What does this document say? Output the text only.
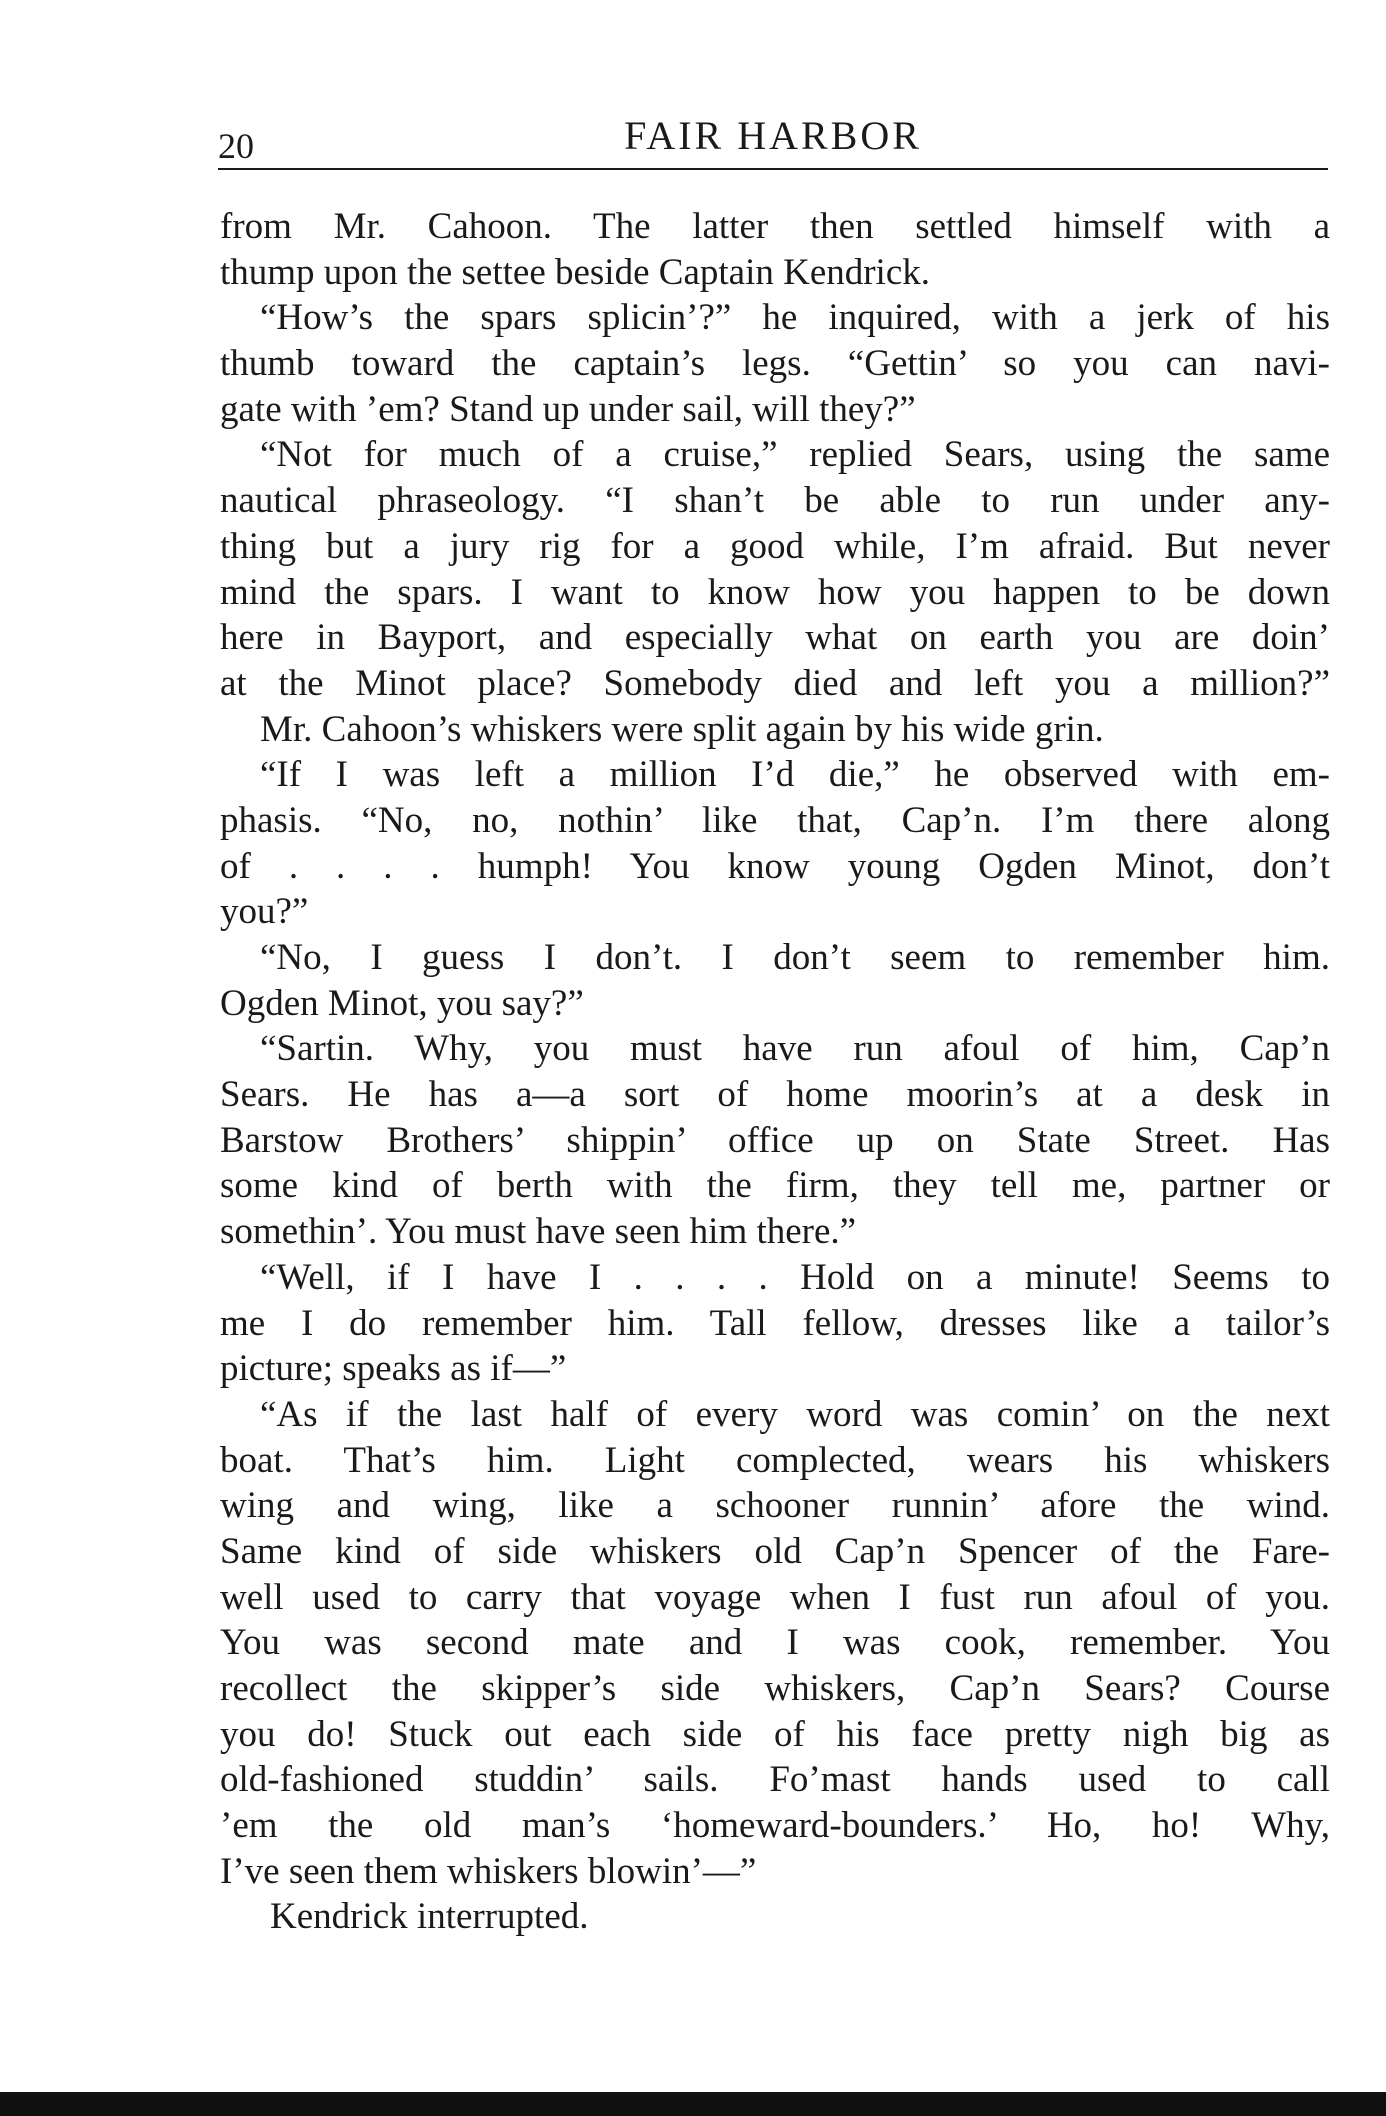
20	FAIR HARBOR
from Mr. Cahoon. The latter then settled himself with a
thump upon the settee beside Captain Kendrick.
“How’s the spars splicin’?” he inquired, with a jerk of his
thumb toward the captain’s legs. “Gettin’ so you can navi-
gate with ’em? Stand up under sail, will they?”
“Not for much of a cruise,” replied Sears, using the same
nautical phraseology. “I shan’t be able to run under any-
thing but a jury rig for a good while, I’m afraid. But never
mind the spars. I want to know how you happen to be down
here in Bayport, and especially what on earth you are doin’
at the Minot place? Somebody died and left you a million?”
Mr. Cahoon’s whiskers were split again by his wide grin.
“If I was left a million I’d die,” he observed with em-
phasis. “No, no, nothin’ like that, Cap’n. I’m there along
of . . . . humph! You know young Ogden Minot, don’t
you?”
“No, I guess I don’t. I don’t seem to remember him.
Ogden Minot, you say?”
“Sartin. Why, you must have run afoul of him, Cap’n
Sears. He has a—a sort of home moorin’s at a desk in
Barstow Brothers’ shippin’ office up on State Street. Has
some kind of berth with the firm, they tell me, partner or
somethin’. You must have seen him there.”
“Well, if I have I . . . . Hold on a minute! Seems to
me I do remember him. Tall fellow, dresses like a tailor’s
picture; speaks as if—”
“As if the last half of every word was comin’ on the next
boat. That’s him. Light complected, wears his whiskers
wing and wing, like a schooner runnin’ afore the wind.
Same kind of side whiskers old Cap’n Spencer of the Fare-
well used to carry that voyage when I fust run afoul of you.
You was second mate and I was cook, remember. You
recollect the skipper’s side whiskers, Cap’n Sears? Course
you do! Stuck out each side of his face pretty nigh big as
old-fashioned studdin’ sails. Fo’mast hands used to call
’em the old man’s ‘homeward-bounders.’ Ho, ho! Why,
I’ve seen them whiskers blowin’—”
Kendrick interrupted.
